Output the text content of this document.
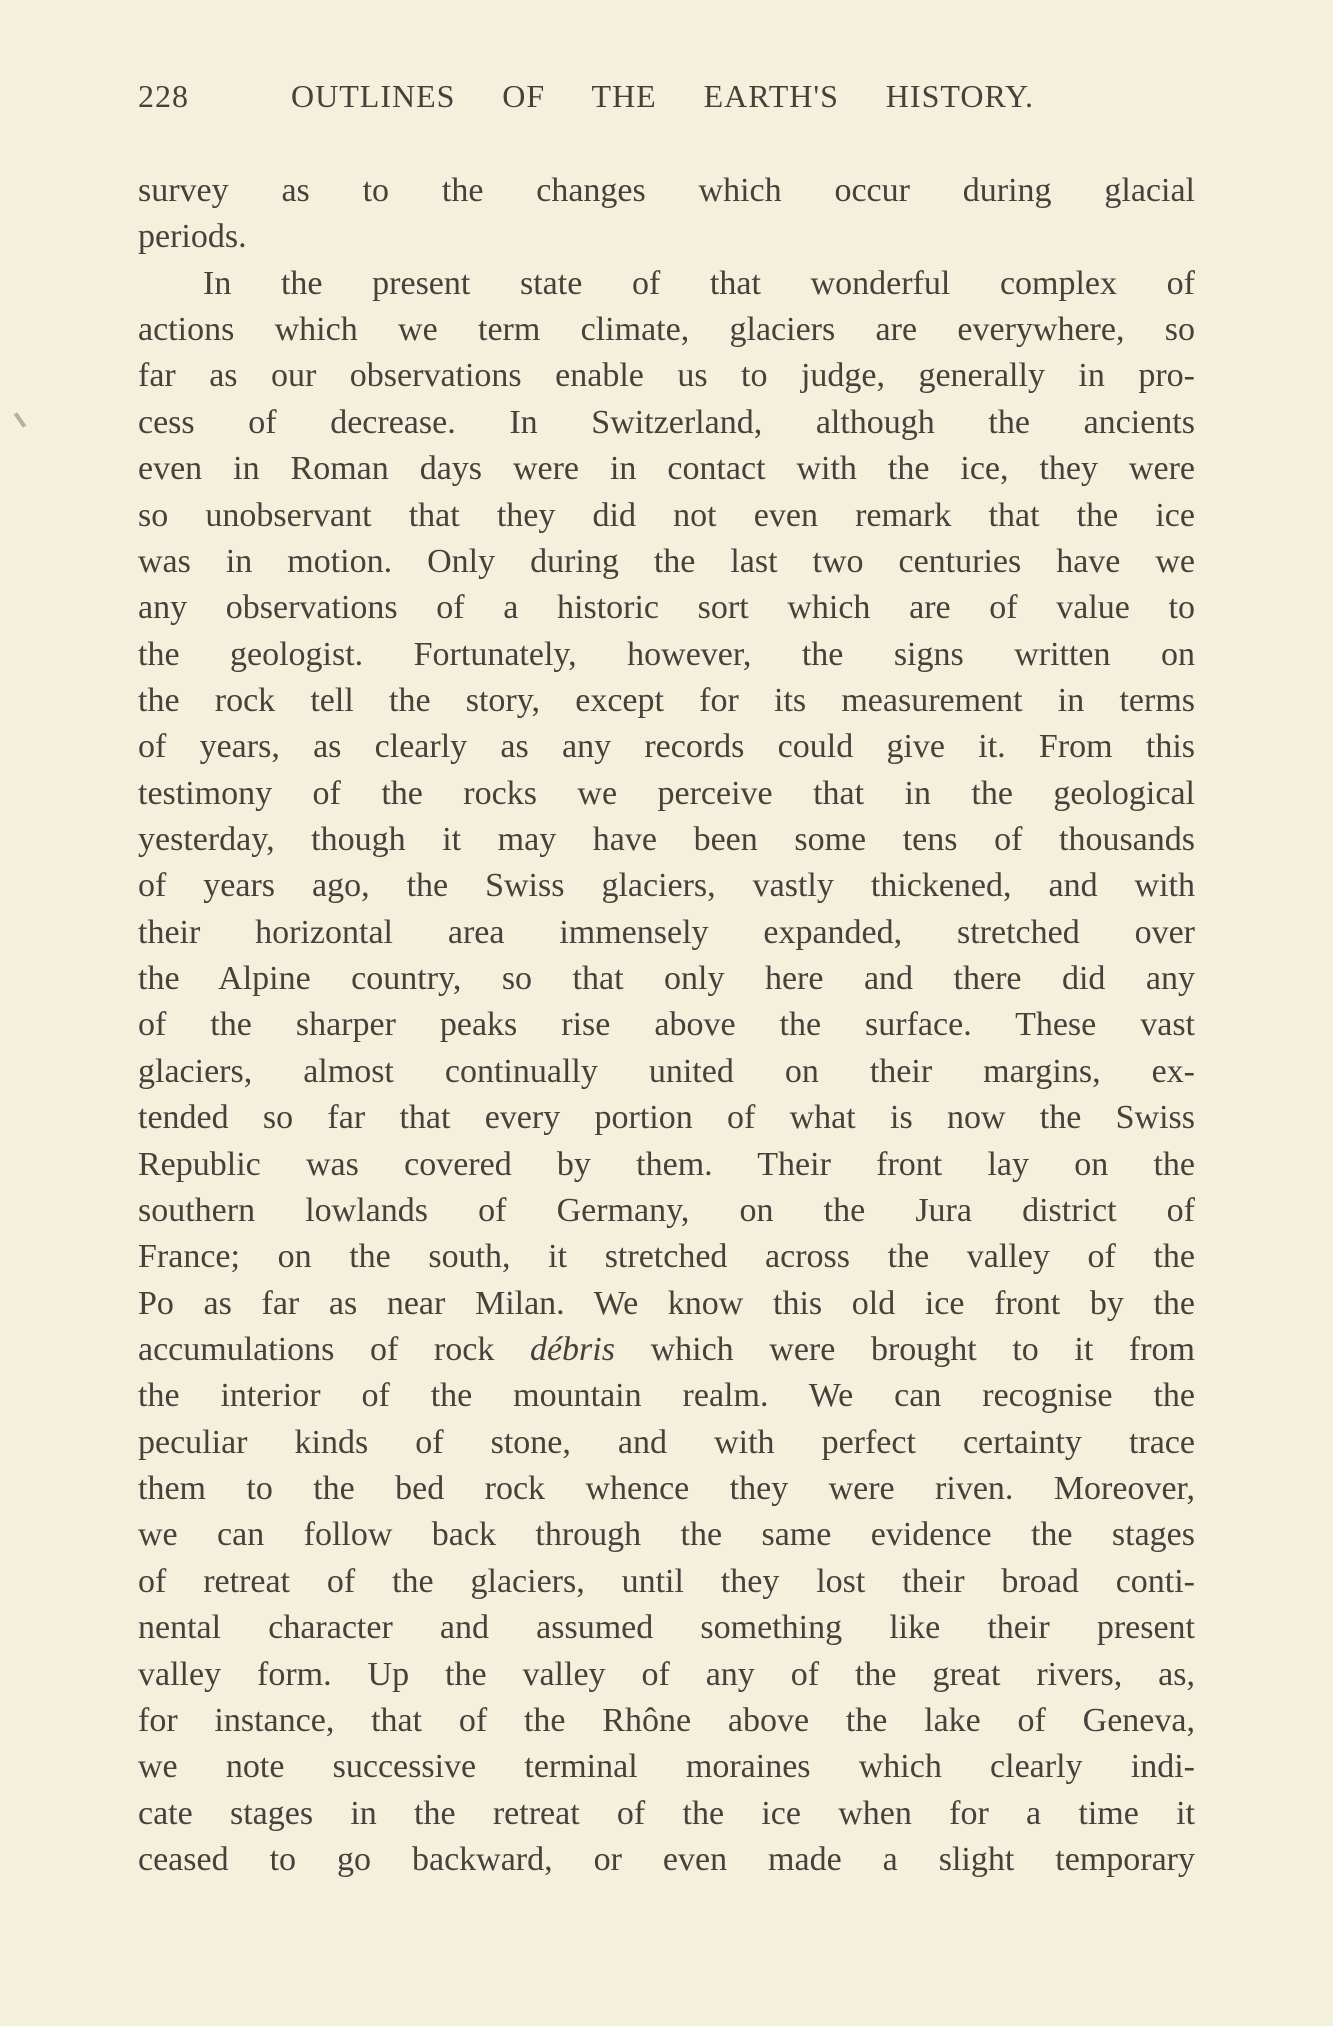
228	OUTLINES OF THE EARTH'S HISTORY.
survey as to the changes which occur during glacial
periods.
In the present state of that wonderful complex of
actions which we term climate, glaciers are everywhere, so
far as our observations enable us to judge, generally in pro-
cess of decrease. In Switzerland, although the ancients
even in Roman days were in contact with the ice, they were
so unobservant that they did not even remark that the ice
was in motion. Only during the last two centuries have we
any observations of a historic sort which are of value to
the geologist. Fortunately, however, the signs written on
the rock tell the story, except for its measurement in terms
of years, as clearly as any records could give it. From this
testimony of the rocks we perceive that in the geological
yesterday, though it may have been some tens of thousands
of years ago, the Swiss glaciers, vastly thickened, and with
their horizontal area immensely expanded, stretched over
the Alpine country, so that only here and there did any
of the sharper peaks rise above the surface. These vast
glaciers, almost continually united on their margins, ex-
tended so far that every portion of what is now the Swiss
Republic was covered by them. Their front lay on the
southern lowlands of Germany, on the Jura district of
France; on the south, it stretched across the valley of the
Po as far as near Milan. We know this old ice front by the
accumulations of rock débris which were brought to it from
the interior of the mountain realm. We can recognise the
peculiar kinds of stone, and with perfect certainty trace
them to the bed rock whence they were riven. Moreover,
we can follow back through the same evidence the stages
of retreat of the glaciers, until they lost their broad conti-
nental character and assumed something like their present
valley form. Up the valley of any of the great rivers, as,
for instance, that of the Rhône above the lake of Geneva,
we note successive terminal moraines which clearly indi-
cate stages in the retreat of the ice when for a time it
ceased to go backward, or even made a slight temporary
